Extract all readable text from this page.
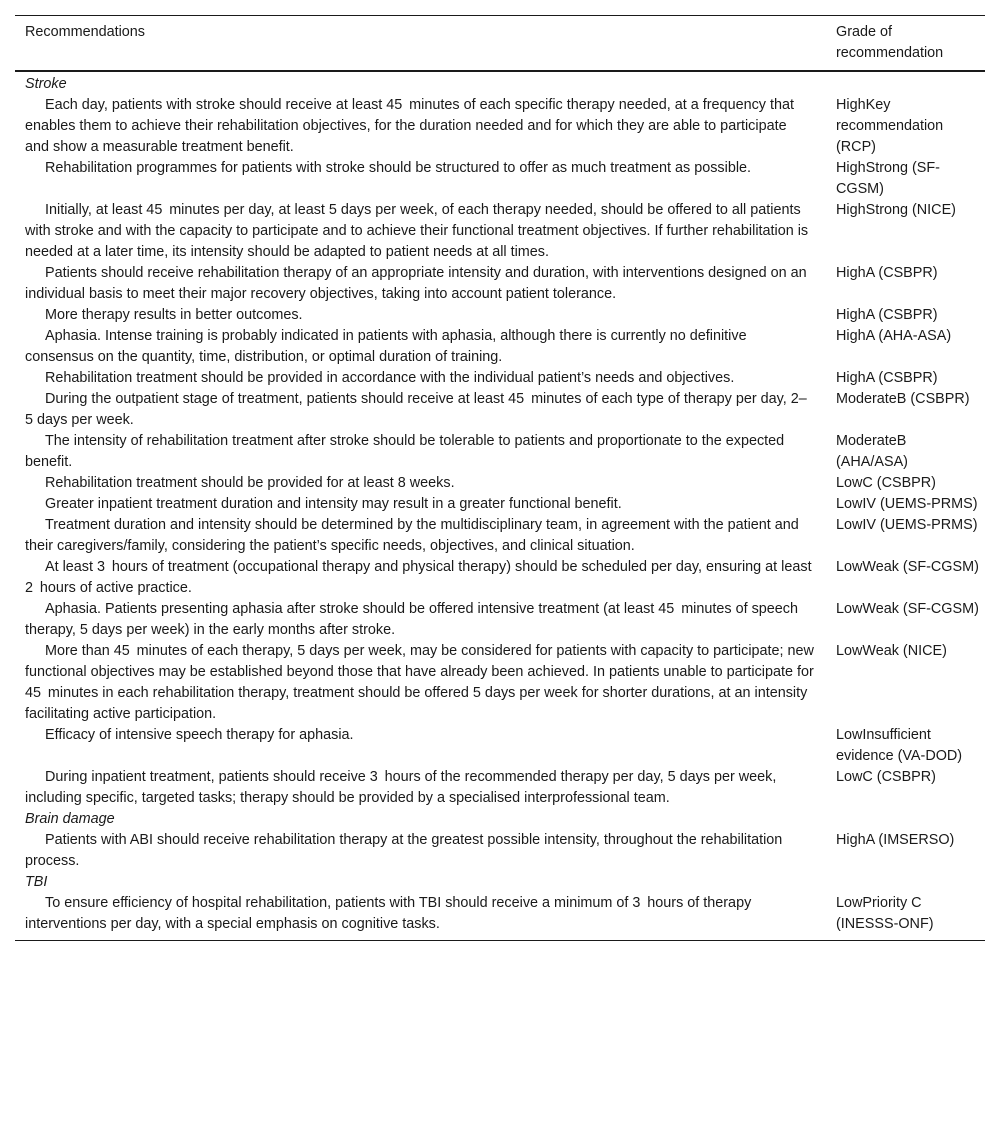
Recommendations	Grade of recommendation
Stroke	
Each day, patients with stroke should receive at least 45  minutes of each specific therapy needed, at a frequency that enables them to achieve their rehabilitation objectives, for the duration needed and for which they are able to participate and show a measurable treatment benefit.	HighKey recommendation (RCP)
Rehabilitation programmes for patients with stroke should be structured to offer as much treatment as possible.	HighStrong (SF-CGSM)
Initially, at least 45  minutes per day, at least 5 days per week, of each therapy needed, should be offered to all patients with stroke and with the capacity to participate and to achieve their functional treatment objectives. If further rehabilitation is needed at a later time, its intensity should be adapted to patient needs at all times.	HighStrong (NICE)
Patients should receive rehabilitation therapy of an appropriate intensity and duration, with interventions designed on an individual basis to meet their major recovery objectives, taking into account patient tolerance.	HighA (CSBPR)
More therapy results in better outcomes.	HighA (CSBPR)
Aphasia. Intense training is probably indicated in patients with aphasia, although there is currently no definitive consensus on the quantity, time, distribution, or optimal duration of training.	HighA (AHA-ASA)
Rehabilitation treatment should be provided in accordance with the individual patient’s needs and objectives.	HighA (CSBPR)
During the outpatient stage of treatment, patients should receive at least 45  minutes of each type of therapy per day, 2–5 days per week.	ModerateB (CSBPR)
The intensity of rehabilitation treatment after stroke should be tolerable to patients and proportionate to the expected benefit.	ModerateB (AHA/ASA)
Rehabilitation treatment should be provided for at least 8 weeks.	LowC (CSBPR)
Greater inpatient treatment duration and intensity may result in a greater functional benefit.	LowIV (UEMS-PRMS)
Treatment duration and intensity should be determined by the multidisciplinary team, in agreement with the patient and their caregivers/family, considering the patient’s specific needs, objectives, and clinical situation.	LowIV (UEMS-PRMS)
At least 3  hours of treatment (occupational therapy and physical therapy) should be scheduled per day, ensuring at least 2  hours of active practice.	LowWeak (SF-CGSM)
Aphasia. Patients presenting aphasia after stroke should be offered intensive treatment (at least 45  minutes of speech therapy, 5 days per week) in the early months after stroke.	LowWeak (SF-CGSM)
More than 45  minutes of each therapy, 5 days per week, may be considered for patients with capacity to participate; new functional objectives may be established beyond those that have already been achieved. In patients unable to participate for 45  minutes in each rehabilitation therapy, treatment should be offered 5 days per week for shorter durations, at an intensity facilitating active participation.	LowWeak (NICE)
Efficacy of intensive speech therapy for aphasia.	LowInsufficient evidence (VA-DOD)
During inpatient treatment, patients should receive 3  hours of the recommended therapy per day, 5 days per week, including specific, targeted tasks; therapy should be provided by a specialised interprofessional team.	LowC (CSBPR)
Brain damage	
Patients with ABI should receive rehabilitation therapy at the greatest possible intensity, throughout the rehabilitation process.	HighA (IMSERSO)
TBI	
To ensure efficiency of hospital rehabilitation, patients with TBI should receive a minimum of 3  hours of therapy interventions per day, with a special emphasis on cognitive tasks.	LowPriority C (INESSS-ONF)
